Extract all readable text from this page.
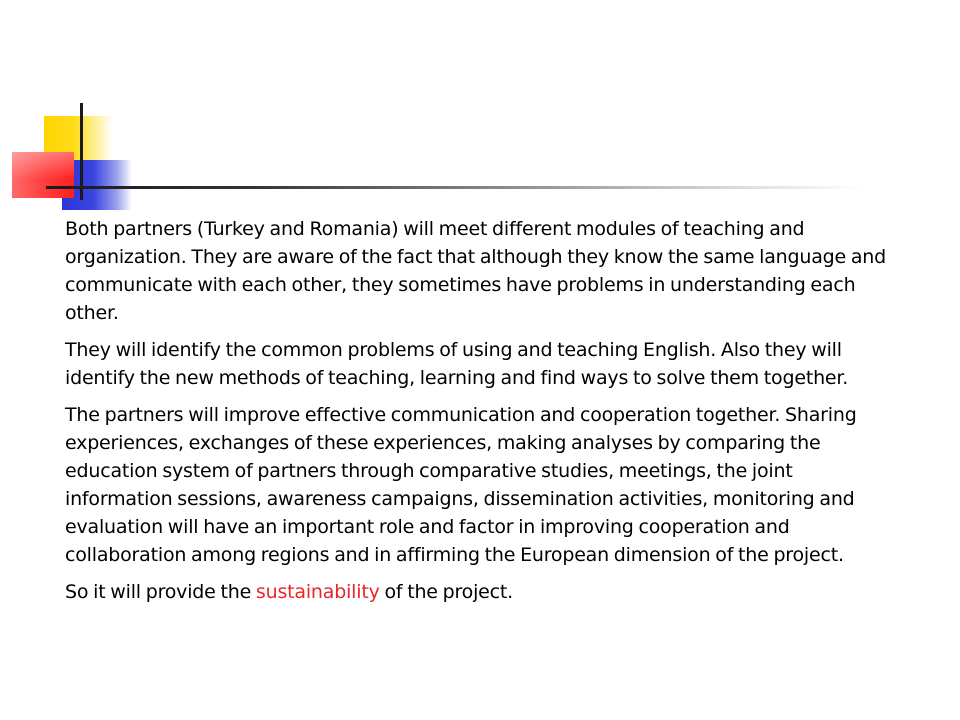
Both partners (Turkey and Romania) will meet different modules of teaching and organization. They are aware of the fact that although they know the same language and communicate with each other, they sometimes have problems in understanding each other.

They will identify the common problems of using and teaching English. Also they will identify the new methods of teaching, learning and find ways to solve them together.

The partners will improve effective communication and cooperation together. Sharing experiences, exchanges of these experiences, making analyses by comparing the education system of partners through comparative studies, meetings, the joint information sessions, awareness campaigns, dissemination activities, monitoring and evaluation will have an important role and factor in improving cooperation and collaboration among regions and in affirming the European dimension of the project.

So it will provide the sustainability of the project.
